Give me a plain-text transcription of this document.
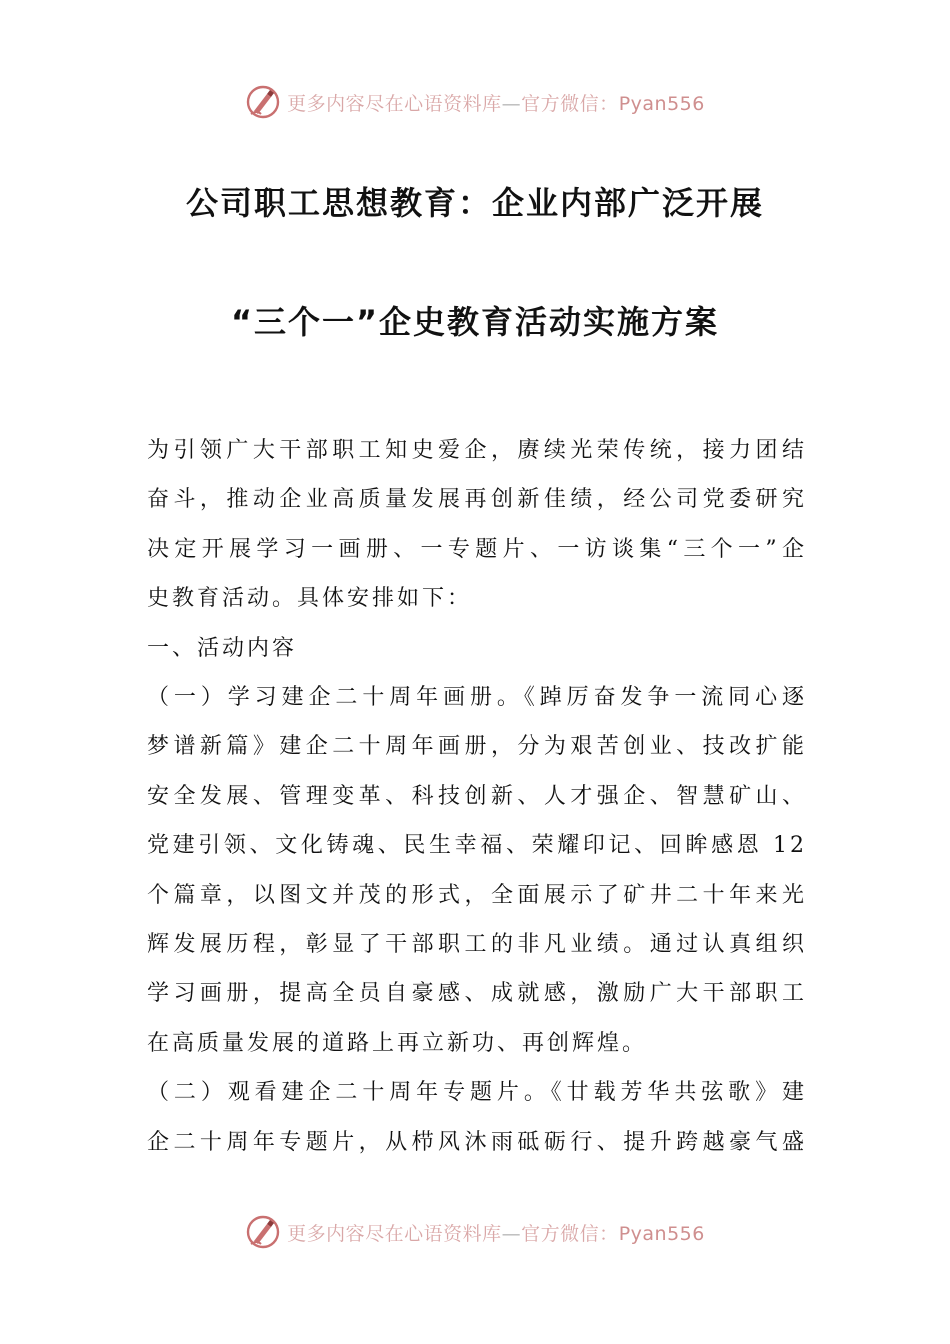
更多内容尽在心语资料库—官方微信：Pyan556
公司职工思想教育：企业内部广泛开展
“三个一”企史教育活动实施方案

为引领广大干部职工知史爱企，赓续光荣传统，接力团结
奋斗，推动企业高质量发展再创新佳绩，经公司党委研究
决定开展学习一画册、一专题片、一访谈集“三个一”企
史教育活动。具体安排如下：

一、活动内容

（一）学习建企二十周年画册。《踔厉奋发争一流同心逐
梦谱新篇》建企二十周年画册，分为艰苦创业、技改扩能
安全发展、管理变革、科技创新、人才强企、智慧矿山、
党建引领、文化铸魂、民生幸福、荣耀印记、回眸感恩 12
个篇章，以图文并茂的形式，全面展示了矿井二十年来光
辉发展历程，彰显了干部职工的非凡业绩。通过认真组织
学习画册，提高全员自豪感、成就感，激励广大干部职工
在高质量发展的道路上再立新功、再创辉煌。

（二）观看建企二十周年专题片。《廿载芳华共弦歌》建
企二十周年专题片，从栉风沐雨砥砺行、提升跨越豪气盛

更多内容尽在心语资料库—官方微信：Pyan556
